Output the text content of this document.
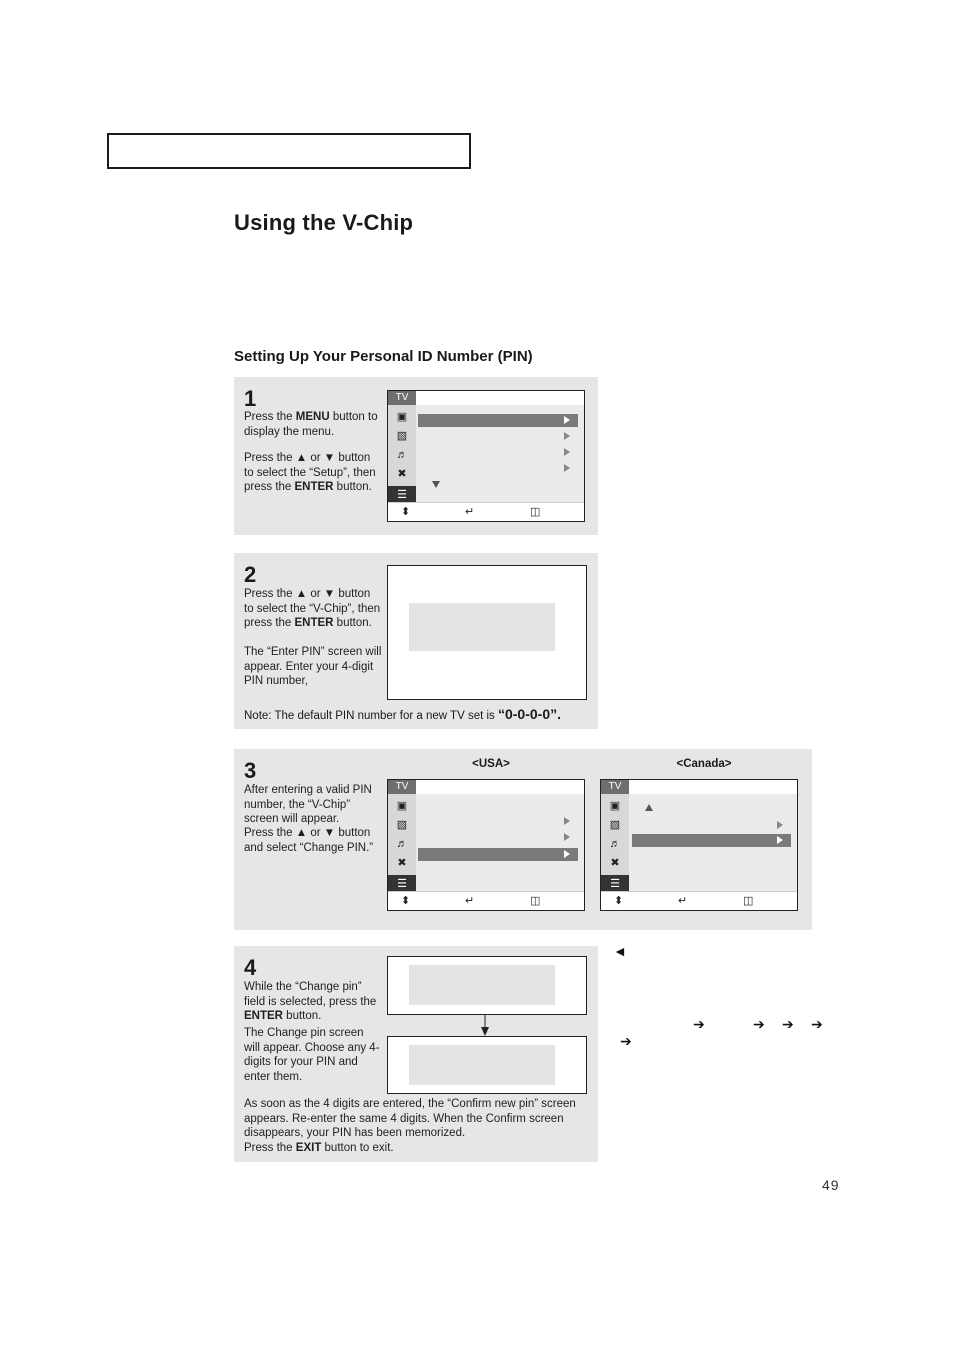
Using the V-Chip
Setting Up Your Personal ID Number (PIN)
1
Press the MENU button to display the menu.
Press the ▲ or ▼ button to select the “Setup”, then press the ENTER button.
TV
▣
▧
♬
✖
☰
⬍	↵	◫
2
Press the ▲ or ▼ button to select the “V-Chip”, then press the ENTER button.
The “Enter PIN” screen will appear. Enter your 4-digit PIN number,
Note: The default PIN number for a new TV set is “0-0-0-0”.
3
After entering a valid PIN number, the “V-Chip” screen will appear.
Press the ▲ or ▼ button and select “Change PIN.”
<USA>	<Canada>
TV
▣
▧
♬
✖
☰
⬍	↵	◫
TV
▣
▧
♬
✖
☰
⬍	↵	◫
4
While the “Change pin” field is selected, press the ENTER button.
The Change pin screen will appear. Choose any 4-digits for your PIN and enter them.
As soon as the 4 digits are entered, the “Confirm new pin” screen appears. Re-enter the same 4 digits. When the Confirm screen disappears, your PIN has been memorized.
Press the EXIT button to exit.
◄
➔	➔ ➔ ➔
➔
49
